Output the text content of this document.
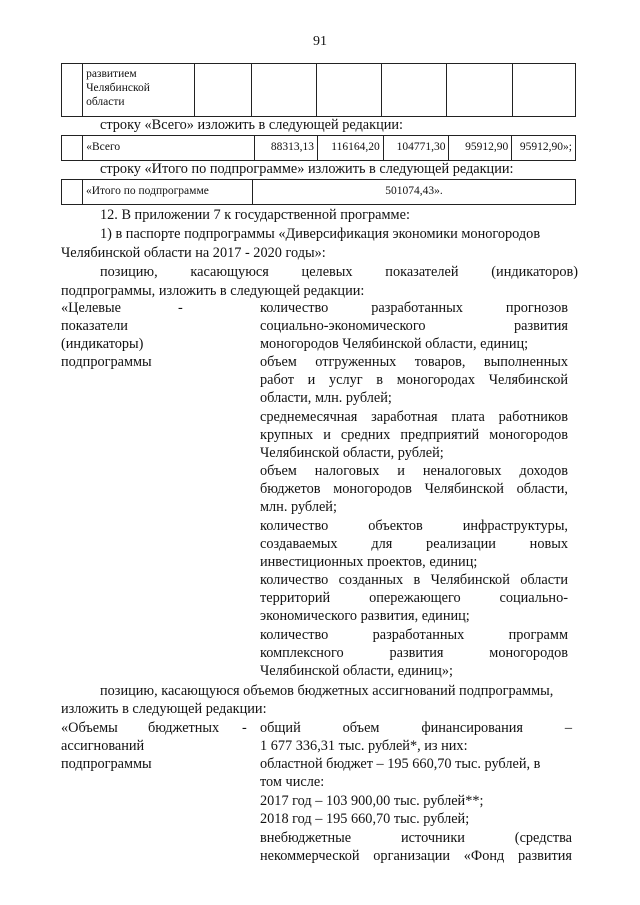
91

развитием
Челябинской
области

строку «Всего» изложить в следующей редакции:
	«Всего	88313,13	116164,20	104771,30	95912,90	95912,90»;
строку «Итого по подпрограмме» изложить в следующей редакции:
	«Итого по подпрограмме	501074,43».
12. В приложении 7 к государственной программе:
1) в паспорте подпрограммы «Диверсификация экономики моногородов
Челябинской области на 2017 - 2020 годы»:
позицию, касающуюся целевых показателей (индикаторов)
подпрограммы, изложить в следующей редакции:
«Целевые	-
показатели
(индикаторы)
подпрограммы
количество разработанных прогнозов
социально-экономического развития
моногородов Челябинской области, единиц;
объем отгруженных товаров, выполненных
работ и услуг в моногородах Челябинской
области, млн. рублей;
среднемесячная заработная плата работников
крупных и средних предприятий моногородов
Челябинской области, рублей;
объем налоговых и неналоговых доходов
бюджетов моногородов Челябинской области,
млн. рублей;
количество объектов инфраструктуры,
создаваемых для реализации новых
инвестиционных проектов, единиц;
количество созданных в Челябинской области
территорий опережающего социально-
экономического развития, единиц;
количество разработанных программ
комплексного развития моногородов
Челябинской области, единиц»;
позицию, касающуюся объемов бюджетных ассигнований подпрограммы,
изложить в следующей редакции:
«Объемы бюджетных -
ассигнований
подпрограммы
общий объем финансирования –
1 677 336,31 тыс. рублей*, из них:
областной бюджет – 195 660,70 тыс. рублей, в
том числе:
2017 год – 103 900,00 тыс. рублей**;
2018 год – 195 660,70 тыс. рублей;
внебюджетные источники (средства
некоммерческой организации «Фонд развития
